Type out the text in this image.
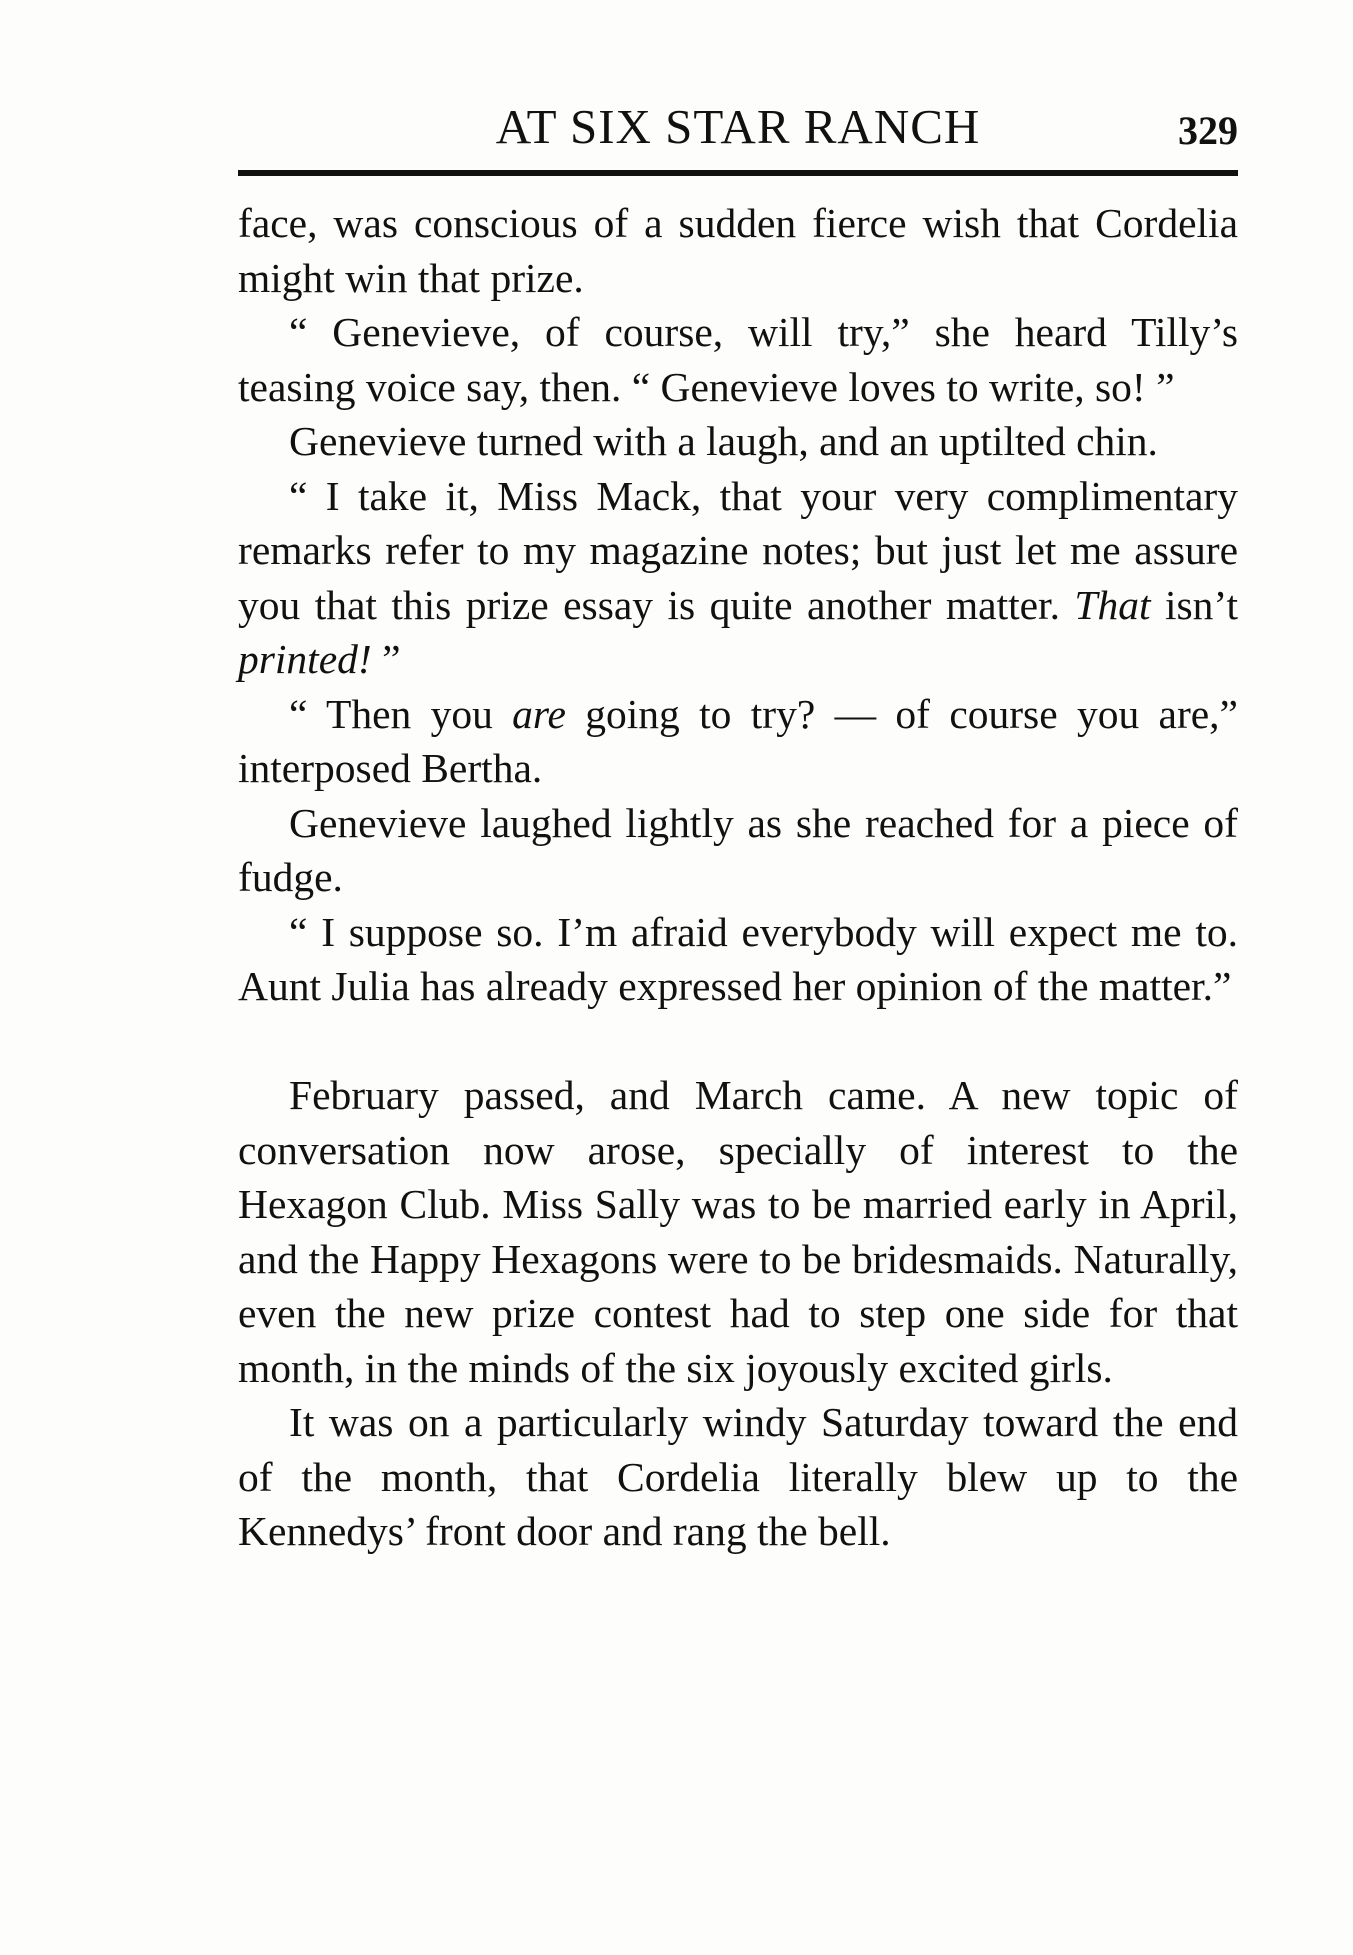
AT SIX STAR RANCH	329

face, was conscious of a sudden fierce wish that Cordelia might win that prize.

“ Genevieve, of course, will try,” she heard Tilly’s teasing voice say, then. “ Genevieve loves to write, so! ”

Genevieve turned with a laugh, and an uptilted chin.

“ I take it, Miss Mack, that your very complimentary remarks refer to my magazine notes; but just let me assure you that this prize essay is quite another matter. That isn’t printed! ”

“ Then you are going to try? — of course you are,” interposed Bertha.

Genevieve laughed lightly as she reached for a piece of fudge.

“ I suppose so. I’m afraid everybody will expect me to. Aunt Julia has already expressed her opinion of the matter.”

February passed, and March came. A new topic of conversation now arose, specially of interest to the Hexagon Club. Miss Sally was to be married early in April, and the Happy Hexagons were to be bridesmaids. Naturally, even the new prize contest had to step one side for that month, in the minds of the six joyously excited girls.

It was on a particularly windy Saturday toward the end of the month, that Cordelia literally blew up to the Kennedys’ front door and rang the bell.
